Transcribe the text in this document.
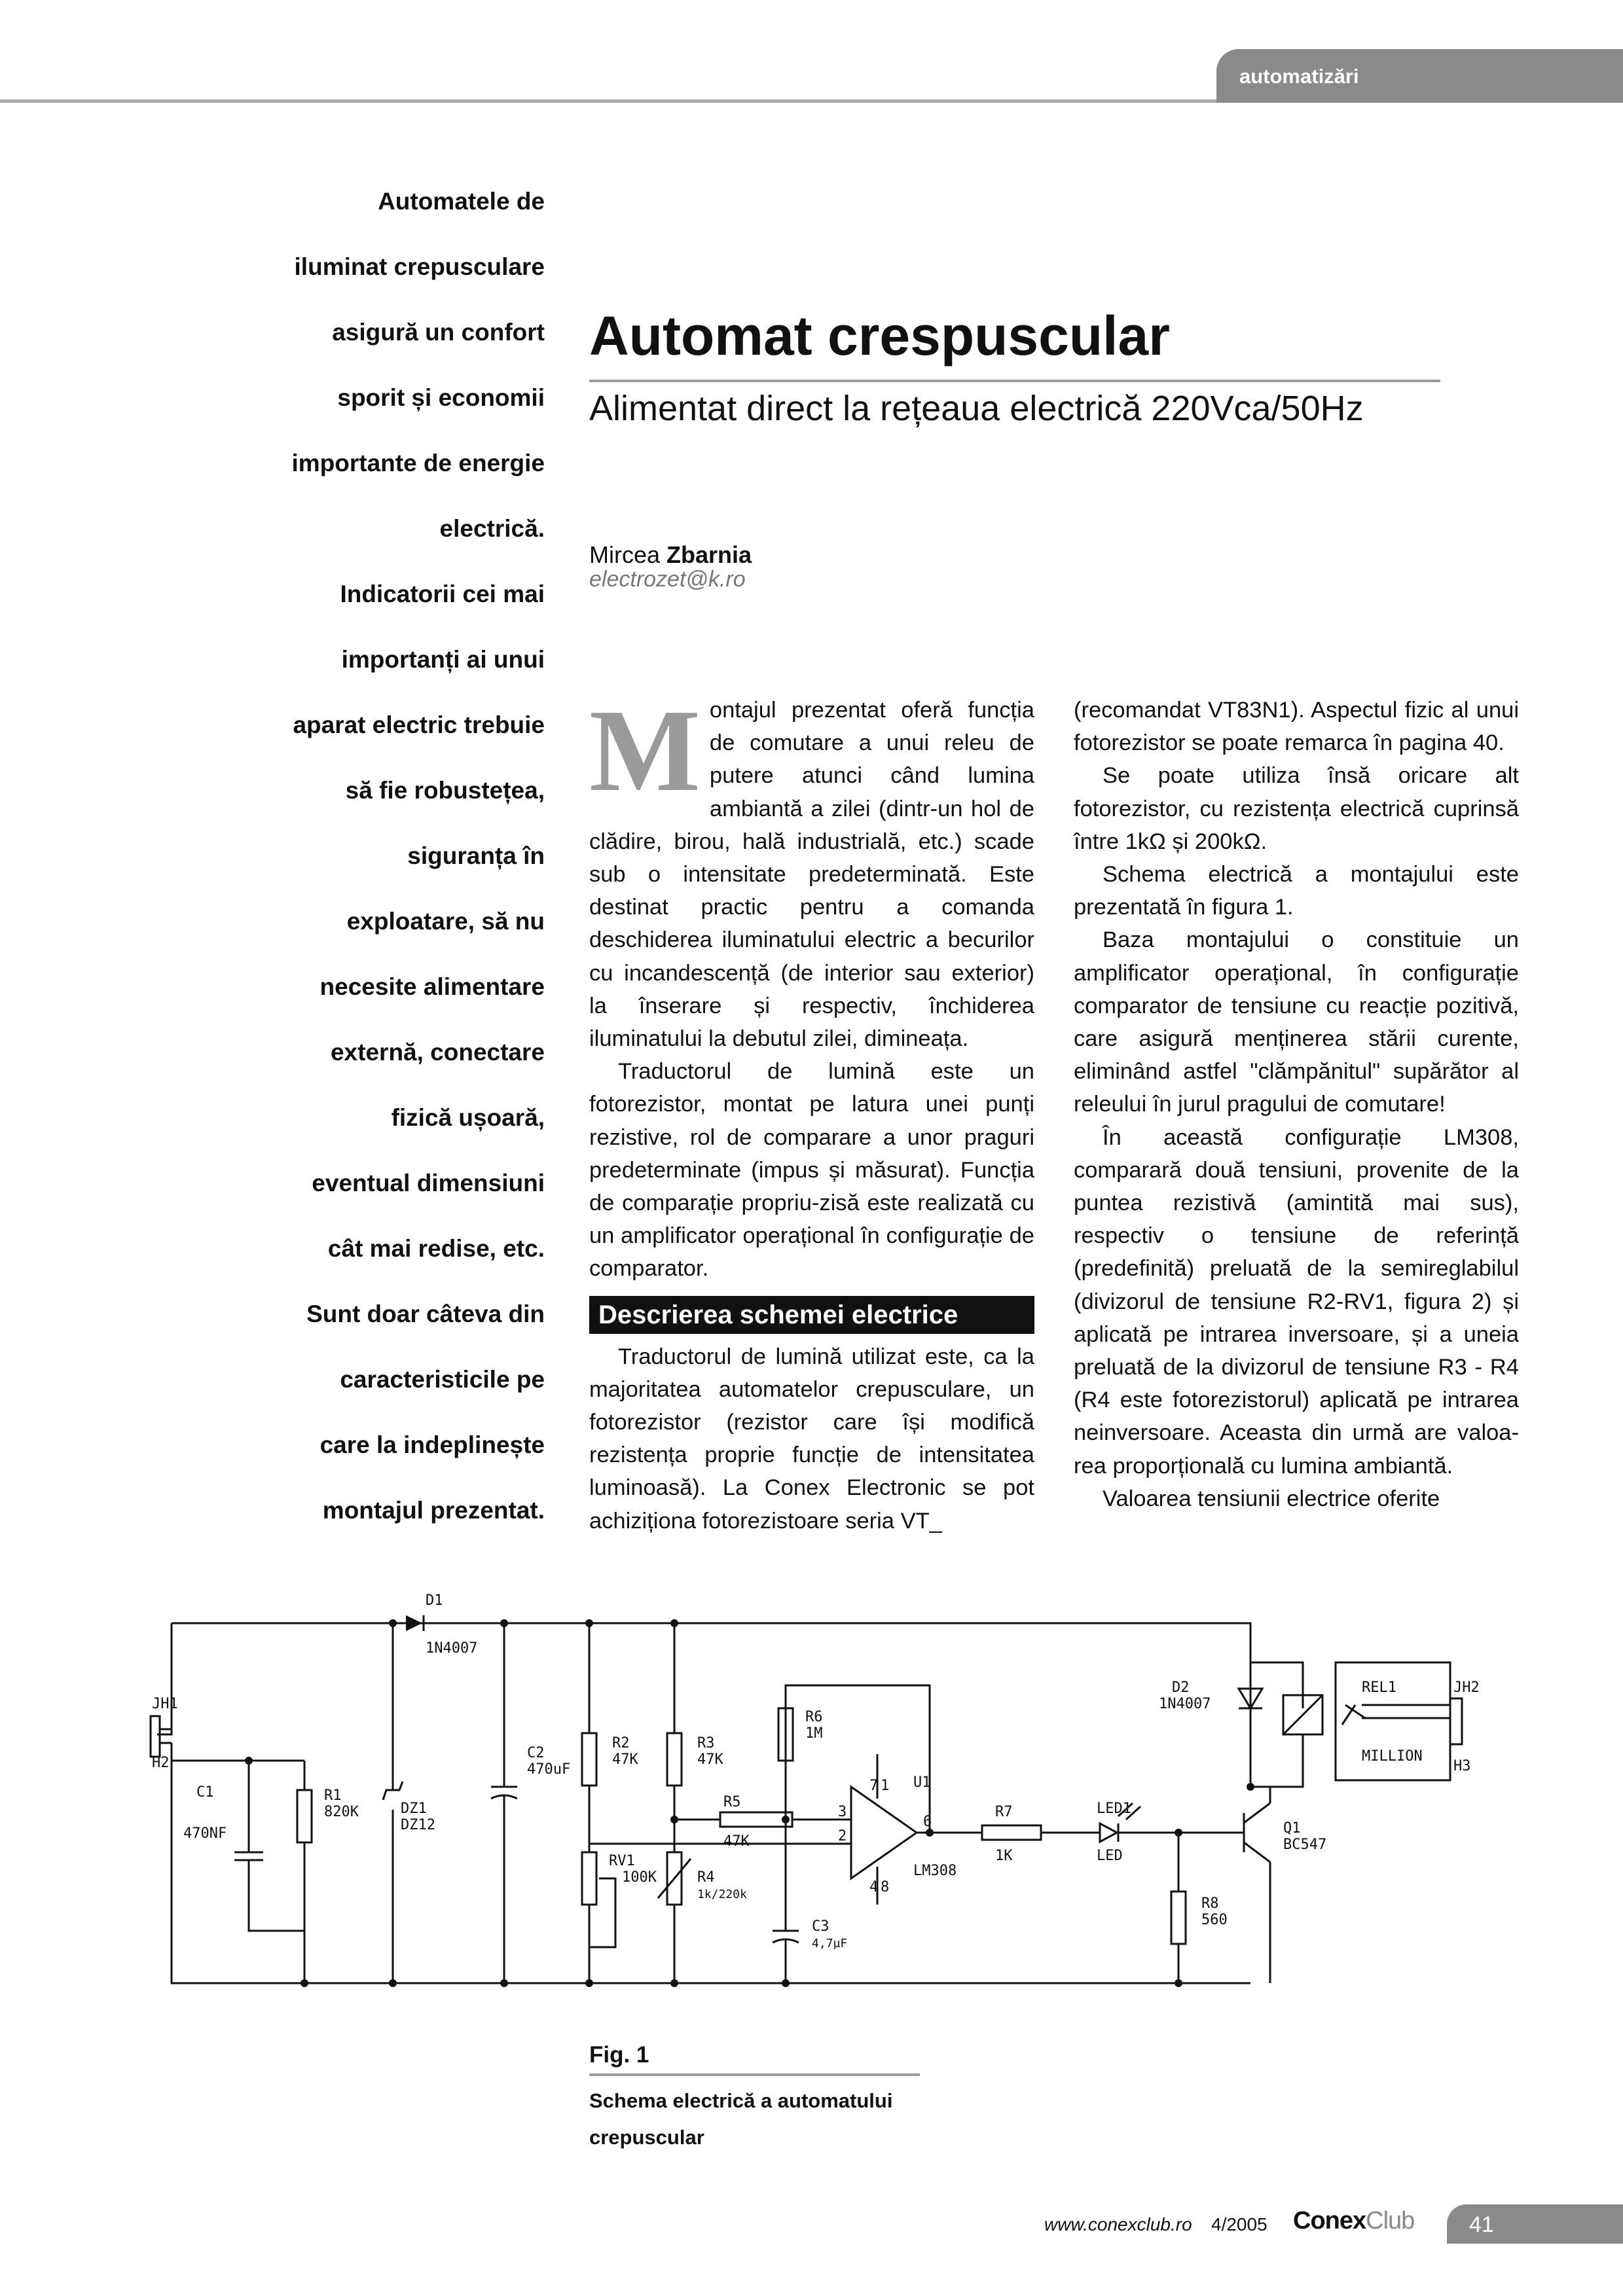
automatizări
Automatele de
iluminat crepusculare
asigură un confort
sporit și economii
importante de energie
electrică.
Indicatorii cei mai
importanți ai unui
aparat electric trebuie
să fie robustețea,
siguranța în
exploatare, să nu
necesite alimentare
externă, conectare
fizică ușoară,
eventual dimensiuni
cât mai redise, etc.
Sunt doar câteva din
caracteristicile pe
care la indeplinește
montajul prezentat.
Automat crespuscular
Alimentat direct la rețeaua electrică 220Vca/50Hz
Mircea Zbarnia
electrozet@k.ro

Montajul prezentat oferă funcția de comutare a unui releu de putere atunci când lumina ambiantă a zilei (dintr-un hol de clădire, birou, hală industrială, etc.) scade sub o intensitate predeterminată. Este destinat practic pentru a comanda deschiderea iluminatului electric a becurilor cu incandescență (de interior sau exterior) la înserare și respectiv, închiderea iluminatului la debutul zilei, dimineața.

Traductorul de lumină este un fotorezistor, montat pe latura unei punți rezistive, rol de comparare a unor praguri predeterminate (impus și măsurat). Funcția de comparație propriu-zisă este realizată cu un amplificator operațional în configurație de comparator.

Descrierea schemei electrice

Traductorul de lumină utilizat este, ca la majoritatea automatelor crepusculare, un fotorezistor (rezistor care își modifică rezistența proprie funcție de intensitatea luminoasă). La Conex Electronic se pot achiziționa fotorezistoare seria VT_

(recomandat VT83N1). Aspectul fizic al unui fotorezistor se poate remarca în pagina 40.

Se poate utiliza însă oricare alt fotorezistor, cu rezistența electrică cuprinsă între 1kΩ și 200kΩ.

Schema electrică a montajului este prezentată în figura 1.

Baza montajului o constituie un amplificator operațional, în configurație comparator de tensiune cu reacție pozitivă, care asigură menținerea stării curente, eliminând astfel "clămpănitul" supărător al releului în jurul pragului de comutare!

În această configurație LM308, comparară două tensiuni, provenite de la puntea rezistivă (amintită mai sus), respectiv o tensiune de referință (predefinită) preluată de la semireglabilul (divizorul de tensiune R2-RV1, figura 2) și aplicată pe intrarea inversoare, și a uneia preluată de la divizorul de tensiune R3 - R4 (R4 este fotorezistorul) aplicată pe intrarea neinversoare. Aceasta din urmă are valoa-rea proporțională cu lumina ambiantă.

Valoarea tensiunii electrice oferite

JH1
H2
C1
470NF
R1
820K	DZ1
DZ12
D1
1N4007
C2
470uF
R2
47K
R3
47K
R5
47K
R6
1M
RV1
100K	R4
1k/220k
C3
4,7µF
U1
LM308
3
2
6
7 1
4 8
R7
1K
LED1
LED
R8
560
Q1
BC547
D2
1N4007
REL1
MILLION
JH2
H3
Fig. 1
Schema electrică a automatului
crepuscular
www.conexclub.ro 4/2005 ConexClub 41
